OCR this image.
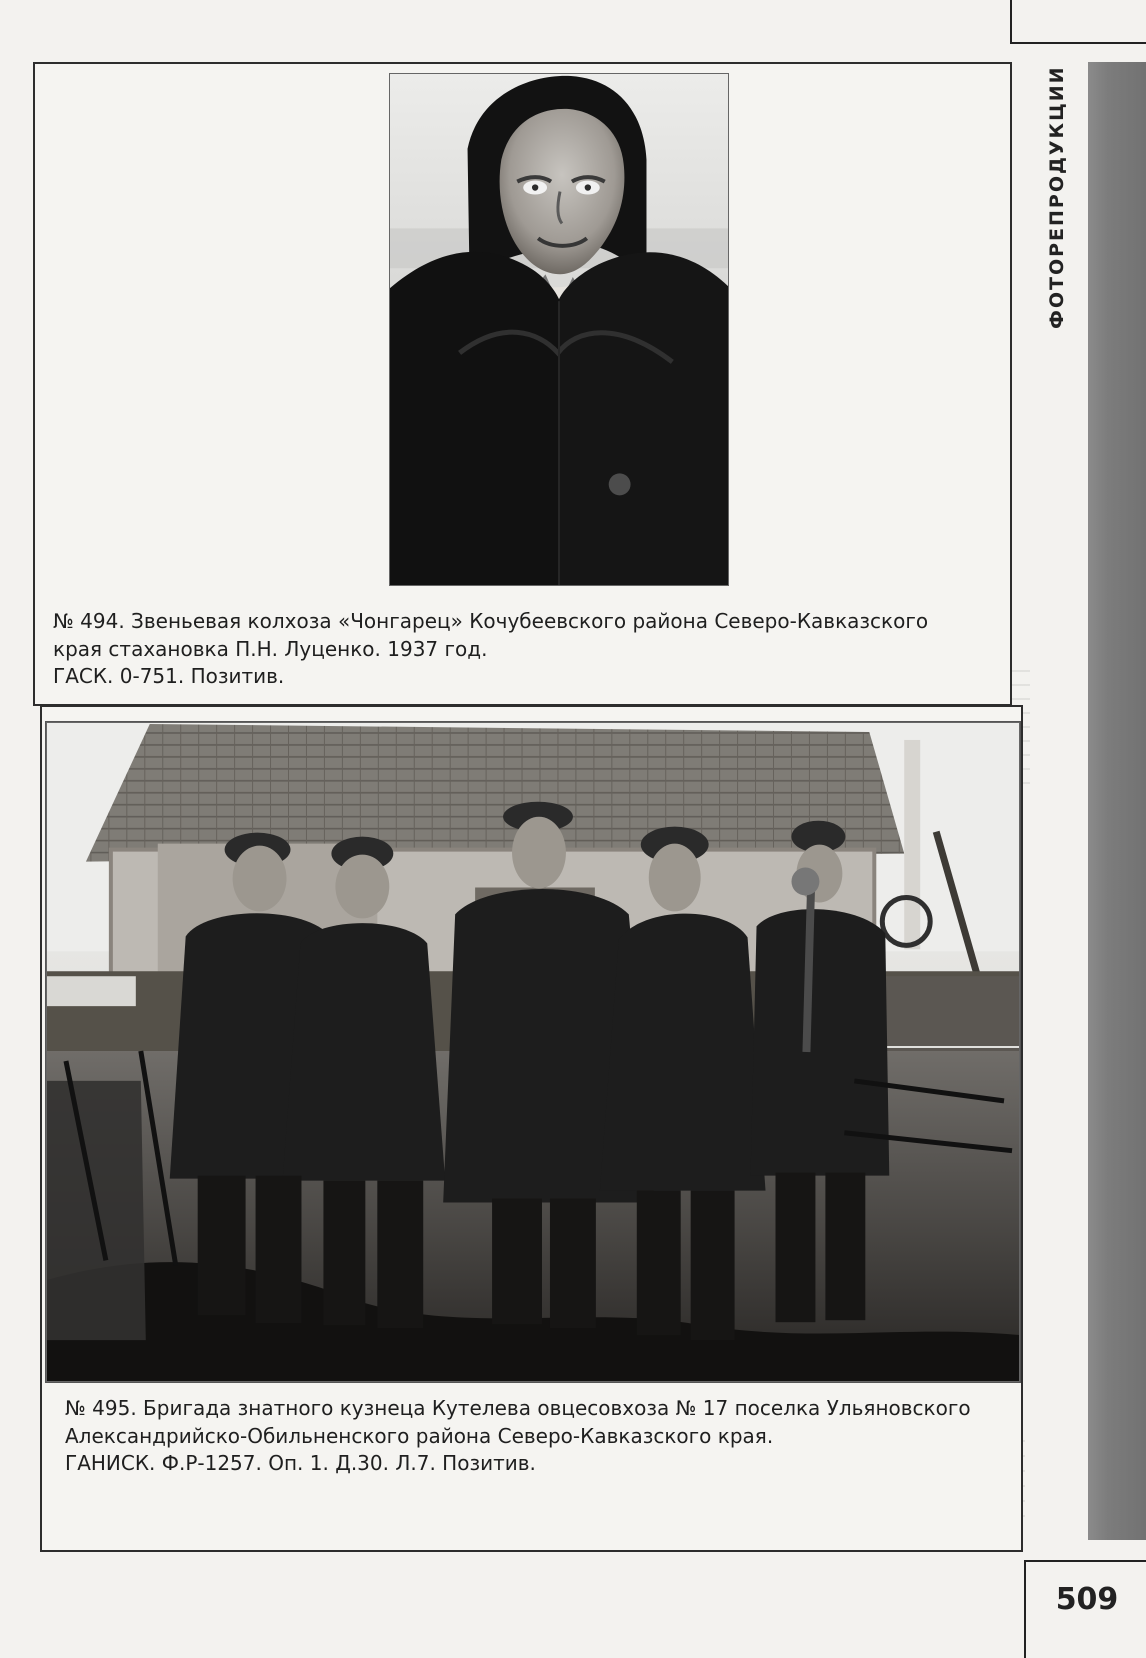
ФОТОРЕПРОДУКЦИИ
№ 494. Звеньевая колхоза «Чонгарец» Кочубеевского района Северо-Кавказского
края стахановка П.Н. Луценко. 1937 год.
ГАСК. 0-751. Позитив.
№ 495. Бригада знатного кузнеца Кутелева овцесовхоза № 17 поселка Ульяновского
Александрийско-Обильненского района Северо-Кавказского края.
ГАНИСК. Ф.Р-1257. Оп. 1. Д.30. Л.7. Позитив.
509
